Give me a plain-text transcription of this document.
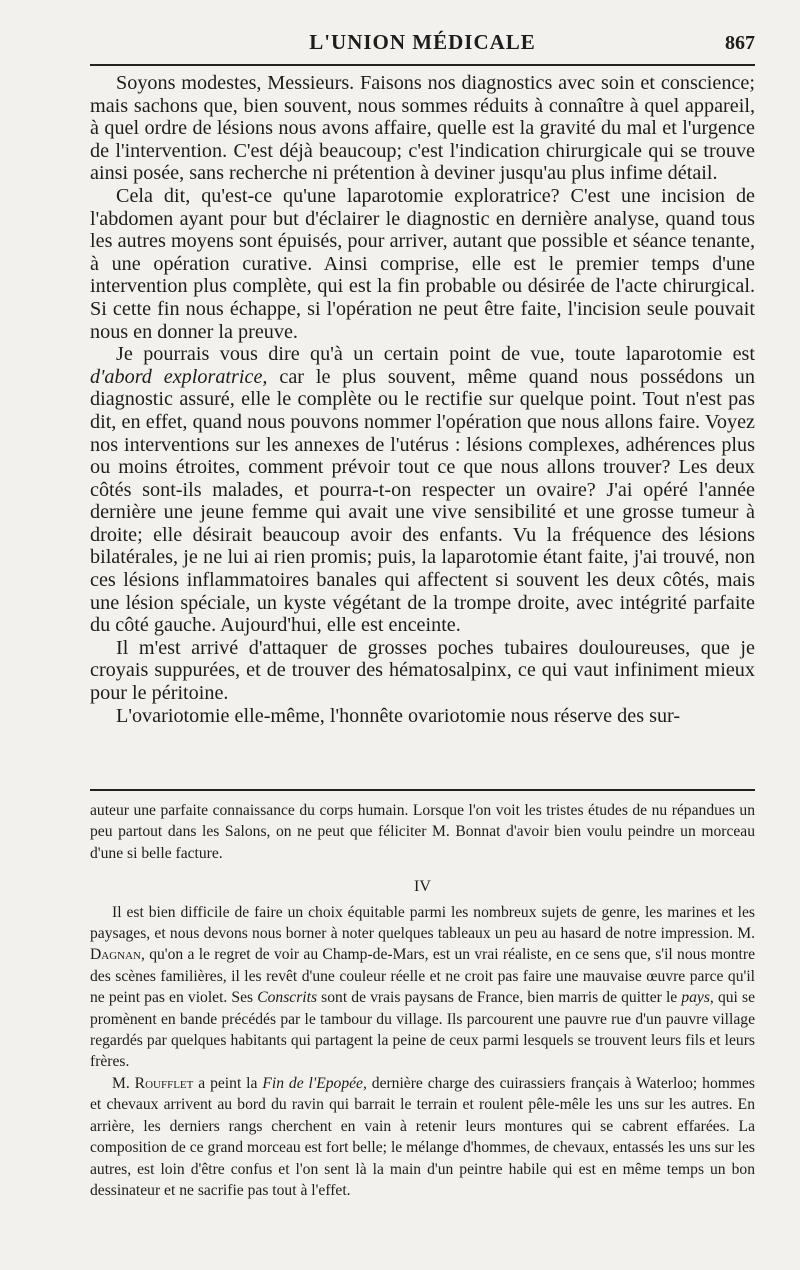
L'UNION MÉDICALE	867

Soyons modestes, Messieurs. Faisons nos diagnostics avec soin et conscience; mais sachons que, bien souvent, nous sommes réduits à connaître à quel appareil, à quel ordre de lésions nous avons affaire, quelle est la gravité du mal et l'urgence de l'intervention. C'est déjà beaucoup; c'est l'indication chirurgicale qui se trouve ainsi posée, sans recherche ni prétention à deviner jusqu'au plus infime détail.

Cela dit, qu'est-ce qu'une laparotomie exploratrice? C'est une incision de l'abdomen ayant pour but d'éclairer le diagnostic en dernière analyse, quand tous les autres moyens sont épuisés, pour arriver, autant que possible et séance tenante, à une opération curative. Ainsi comprise, elle est le premier temps d'une intervention plus complète, qui est la fin probable ou désirée de l'acte chirurgical. Si cette fin nous échappe, si l'opération ne peut être faite, l'incision seule pouvait nous en donner la preuve.

Je pourrais vous dire qu'à un certain point de vue, toute laparotomie est d'abord exploratrice, car le plus souvent, même quand nous possédons un diagnostic assuré, elle le complète ou le rectifie sur quelque point. Tout n'est pas dit, en effet, quand nous pouvons nommer l'opération que nous allons faire. Voyez nos interventions sur les annexes de l'utérus : lésions complexes, adhérences plus ou moins étroites, comment prévoir tout ce que nous allons trouver? Les deux côtés sont-ils malades, et pourra-t-on respecter un ovaire? J'ai opéré l'année dernière une jeune femme qui avait une vive sensibilité et une grosse tumeur à droite; elle désirait beaucoup avoir des enfants. Vu la fréquence des lésions bilatérales, je ne lui ai rien promis; puis, la laparotomie étant faite, j'ai trouvé, non ces lésions inflammatoires banales qui affectent si souvent les deux côtés, mais une lésion spéciale, un kyste végétant de la trompe droite, avec intégrité parfaite du côté gauche. Aujourd'hui, elle est enceinte.

Il m'est arrivé d'attaquer de grosses poches tubaires douloureuses, que je croyais suppurées, et de trouver des hématosalpinx, ce qui vaut infiniment mieux pour le péritoine.

L'ovariotomie elle-même, l'honnête ovariotomie nous réserve des sur-

auteur une parfaite connaissance du corps humain. Lorsque l'on voit les tristes études de nu répandues un peu partout dans les Salons, on ne peut que féliciter M. Bonnat d'avoir bien voulu peindre un morceau d'une si belle facture.

IV

Il est bien difficile de faire un choix équitable parmi les nombreux sujets de genre, les marines et les paysages, et nous devons nous borner à noter quelques tableaux un peu au hasard de notre impression. M. Dagnan, qu'on a le regret de voir au Champ-de-Mars, est un vrai réaliste, en ce sens que, s'il nous montre des scènes familières, il les revêt d'une couleur réelle et ne croit pas faire une mauvaise œuvre parce qu'il ne peint pas en violet. Ses Conscrits sont de vrais paysans de France, bien marris de quitter le pays, qui se promènent en bande précédés par le tambour du village. Ils parcourent une pauvre rue d'un pauvre village regardés par quelques habitants qui partagent la peine de ceux parmi lesquels se trouvent leurs fils et leurs frères.

M. Roufflet a peint la Fin de l'Epopée, dernière charge des cuirassiers français à Waterloo; hommes et chevaux arrivent au bord du ravin qui barrait le terrain et roulent pêle-mêle les uns sur les autres. En arrière, les derniers rangs cherchent en vain à retenir leurs montures qui se cabrent effarées. La composition de ce grand morceau est fort belle; le mélange d'hommes, de chevaux, entassés les uns sur les autres, est loin d'être confus et l'on sent là la main d'un peintre habile qui est en même temps un bon dessinateur et ne sacrifie pas tout à l'effet.
